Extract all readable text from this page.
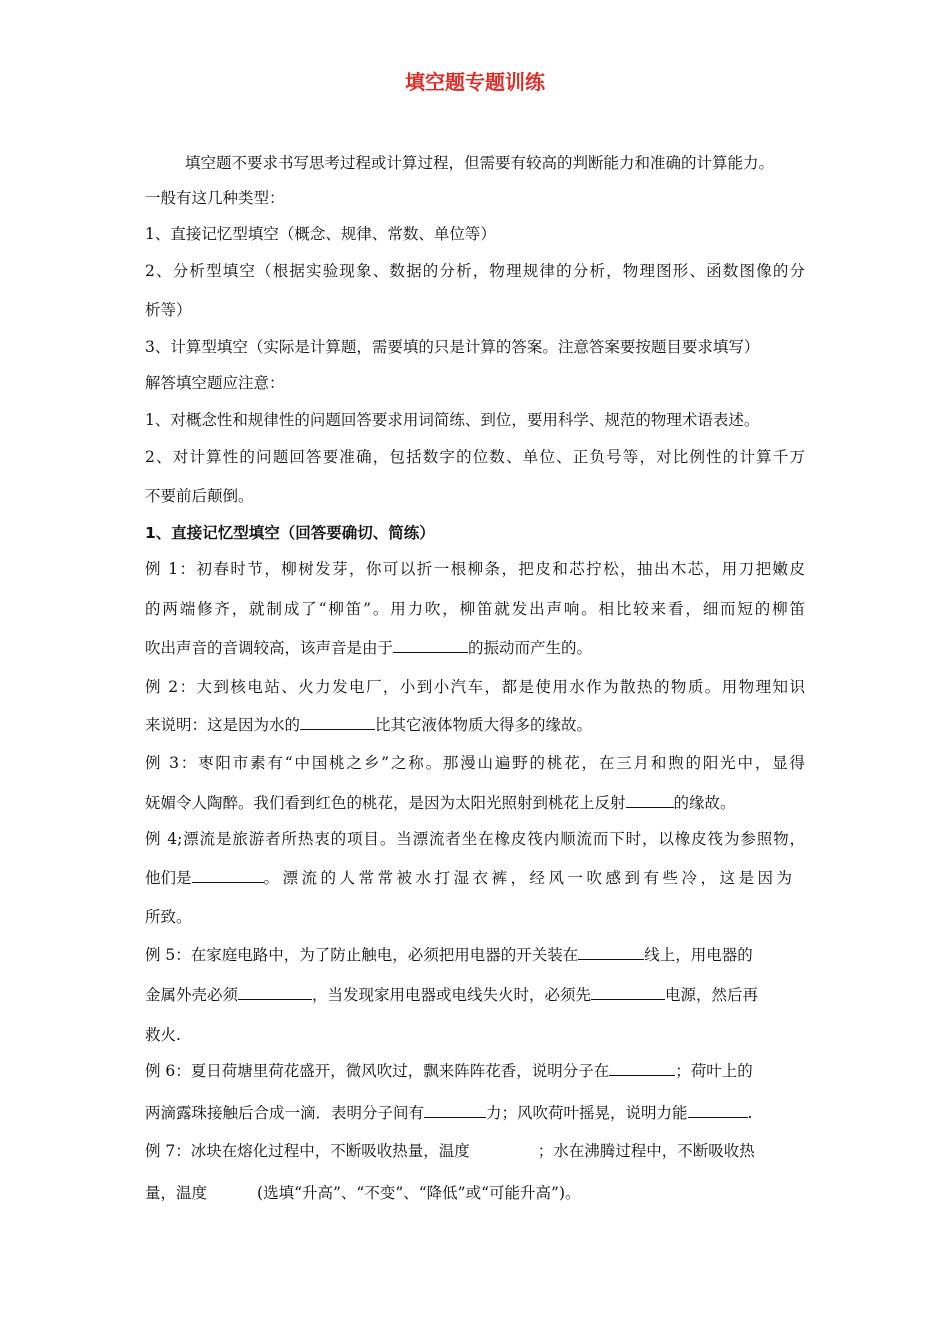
填空题专题训练
填空题不要求书写思考过程或计算过程，但需要有较高的判断能力和准确的计算能力。
一般有这几种类型：
1、直接记忆型填空（概念、规律、常数、单位等）
2、分析型填空（根据实验现象、数据的分析，物理规律的分析，物理图形、函数图像的分
析等）
3、计算型填空（实际是计算题，需要填的只是计算的答案。注意答案要按题目要求填写）
解答填空题应注意：
1、对概念性和规律性的问题回答要求用词简练、到位，要用科学、规范的物理术语表述。
2、对计算性的问题回答要准确，包括数字的位数、单位、正负号等，对比例性的计算千万
不要前后颠倒。
1、直接记忆型填空（回答要确切、简练）
例 1：初春时节，柳树发芽，你可以折一根柳条，把皮和芯拧松，抽出木芯，用刀把嫩皮
的两端修齐，就制成了“柳笛”。用力吹，柳笛就发出声响。相比较来看，细而短的柳笛
吹出声音的音调较高，该声音是由于	的振动而产生的。
例 2：大到核电站、火力发电厂，小到小汽车，都是使用水作为散热的物质。用物理知识
来说明：这是因为水的	比其它液体物质大得多的缘故。
例 3：枣阳市素有“中国桃之乡”之称。那漫山遍野的桃花，在三月和煦的阳光中，显得
妩媚令人陶醉。我们看到红色的桃花，是因为太阳光照射到桃花上反射	的缘故。
例 4;漂流是旅游者所热衷的项目。当漂流者坐在橡皮筏内顺流而下时，以橡皮筏为参照物，
他们是	。漂流的人常常被水打湿衣裤，经风一吹感到有些冷，这是因为
所致。
例 5：在家庭电路中，为了防止触电，必须把用电器的开关装在	线上，用电器的
金属外壳必须	，当发现家用电器或电线失火时，必须先	电源，然后再
救火.
例 6：夏日荷塘里荷花盛开，微风吹过，飘来阵阵花香，说明分子在	；荷叶上的
两滴露珠接触后合成一滴．表明分子间有	力；风吹荷叶摇晃，说明力能	.
例 7：冰块在熔化过程中，不断吸收热量，温度	；水在沸腾过程中，不断吸收热
量，温度	(选填“升高”、“不变”、“降低”或“可能升高”)。
